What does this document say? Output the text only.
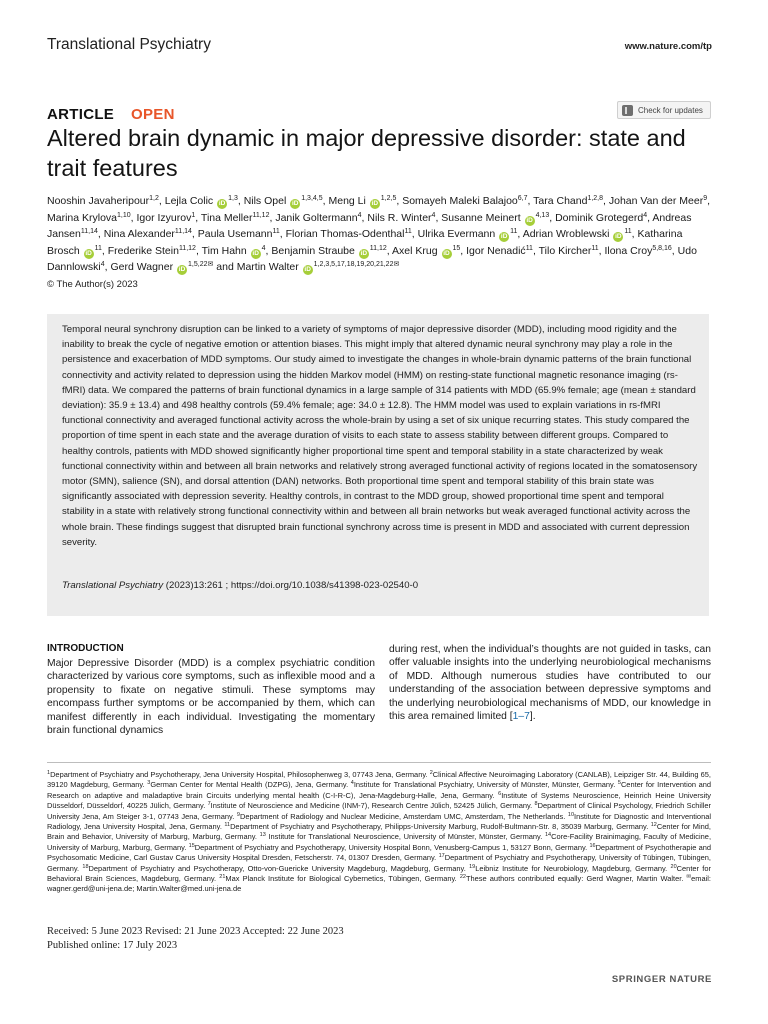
Translational Psychiatry	www.nature.com/tp
ARTICLE OPEN	Check for updates
Altered brain dynamic in major depressive disorder: state and trait features
Nooshin Javaheripour$^{1,2}$, Lejla Colic iD$^{1,3}$, Nils Opel iD$^{1,3,4,5}$, Meng Li iD$^{1,2,5}$, Somayeh Maleki Balajoo$^{6,7}$, Tara Chand$^{1,2,8}$, Johan Van der Meer$^9$, Marina Krylova$^{1,10}$, Igor Izyurov$^1$, Tina Meller$^{11,12}$, Janik Goltermann$^4$, Nils R. Winter$^4$, Susanne Meinert iD$^{4,13}$, Dominik Grotegerd$^4$, Andreas Jansen$^{11,14}$, Nina Alexander$^{11,14}$, Paula Usemann$^{11}$, Florian Thomas-Odenthal$^{11}$, Ulrika Evermann $iD^{11}$, Adrian Wroblewski $iD^{11}$, Katharina Brosch $iD^{11}$, Frederike Stein$^{11,12}$, Tim Hahn $iD^4$, Benjamin Straube iD$^{11,12}$, Axel Krug $iD^{15}$, Igor Nenadić$^{11}$, Tilo Kircher$^{11}$, Ilona Croy$^{5,8,16}$, Udo Dannlowski$^4$, Gerd Wagner $iD^{1,5,22✉}$ and Martin Walter $iD^{1,2,3,5,17,18,19,20,21,22✉}$
© The Author(s) 2023
Temporal neural synchrony disruption can be linked to a variety of symptoms of major depressive disorder (MDD), including mood rigidity and the inability to break the cycle of negative emotion or attention biases. This might imply that altered dynamic neural synchrony may play a role in the persistence and exacerbation of MDD symptoms. Our study aimed to investigate the changes in whole-brain dynamic patterns of the brain functional connectivity and activity related to depression using the hidden Markov model (HMM) on resting-state functional magnetic resonance imaging (rs-fMRI) data. We compared the patterns of brain functional dynamics in a large sample of 314 patients with MDD (65.9% female; age (mean ± standard deviation): 35.9 ± 13.4) and 498 healthy controls (59.4% female; age: 34.0 ± 12.8). The HMM model was used to explain variations in rs-fMRI functional connectivity and averaged functional activity across the whole-brain by using a set of six unique recurring states. This study compared the proportion of time spent in each state and the average duration of visits to each state to assess stability between different groups. Compared to healthy controls, patients with MDD showed significantly higher proportional time spent and temporal stability in a state characterized by weak functional connectivity within and between all brain networks and relatively strong averaged functional activity of regions located in the somatosensory motor (SMN), salience (SN), and dorsal attention (DAN) networks. Both proportional time spent and temporal stability of this brain state was significantly associated with depression severity. Healthy controls, in contrast to the MDD group, showed proportional time spent and temporal stability in a state with relatively strong functional connectivity within and between all brain networks but weak averaged functional activity across the whole brain. These findings suggest that disrupted brain functional synchrony across time is present in MDD and associated with current depression severity.
Translational Psychiatry (2023)13:261 ; https://doi.org/10.1038/s41398-023-02540-0
INTRODUCTION
Major Depressive Disorder (MDD) is a complex psychiatric condition characterized by various core symptoms, such as inflexible mood and a propensity to fixate on negative stimuli. These symptoms may encompass further symptoms or be accompanied by them, which can manifest differently in each individual. Investigating the momentary brain functional dynamics
during rest, when the individual’s thoughts are not guided in tasks, can offer valuable insights into the underlying neurobiological mechanisms of MDD. Although numerous studies have contributed to our understanding of the association between depressive symptoms and the underlying neurobiological mechanisms of MDD, our knowledge in this area remained limited [1–7].
$^1$Department of Psychiatry and Psychotherapy, Jena University Hospital, Philosophenweg 3, 07743 Jena, Germany. $^2$Clinical Affective Neuroimaging Laboratory (CANLAB), Leipziger Str. 44, Building 65, 39120 Magdeburg, Germany. $^3$German Center for Mental Health (DZPG), Jena, Germany. $^4$Institute for Translational Psychiatry, University of Münster, Münster, Germany. $^5$Center for Intervention and Research on adaptive and maladaptive brain Circuits underlying mental health (C-I-R-C), Jena-Magdeburg-Halle, Jena, Germany. $^6$Institute of Systems Neuroscience, Heinrich Heine University Düsseldorf, Düsseldorf, 40225 Jülich, Germany. $^7$Institute of Neuroscience and Medicine (INM-7), Research Centre Jülich, 52425 Jülich, Germany. $^8$Department of Clinical Psychology, Friedrich Schiller University Jena, Am Steiger 3-1, 07743 Jena, Germany. $^9$Department of Radiology and Nuclear Medicine, Amsterdam UMC, Amsterdam, The Netherlands. $^{10}$Institute for Diagnostic and Interventional Radiology, Jena University Hospital, Jena, Germany. $^{11}$Department of Psychiatry and Psychotherapy, Philipps-University Marburg, Rudolf-Bultmann-Str. 8, 35039 Marburg, Germany. $^{12}$Center for Mind, Brain and Behavior, University of Marburg, Marburg, Germany. $^{13}$ Institute for Translational Neuroscience, University of Münster, Münster, Germany. $^{14}$Core-Facility Brainimaging, Faculty of Medicine, University of Marburg, Marburg, Germany. $^{15}$Department of Psychiatry and Psychotherapy, University Hospital Bonn, Venusberg-Campus 1, 53127 Bonn, Germany. $^{16}$Department of Psychotherapie and Psychosomatic Medicine, Carl Gustav Carus University Hospital Dresden, Fetscherstr. 74, 01307 Dresden, Germany. $^{17}$Department of Psychiatry and Psychotherapy, University of Tübingen, Tübingen, Germany. $^{18}$Department of Psychiatry and Psychotherapy, Otto-von-Guericke University Magdeburg, Magdeburg, Germany. $^{19}$Leibniz Institute for Neurobiology, Magdeburg, Germany. $^{20}$Center for Behavioral Brain Sciences, Magdeburg, Germany. $^{21}$Max Planck Institute for Biological Cybernetics, Tübingen, Germany. $^{22}$These authors contributed equally: Gerd Wagner, Martin Walter. ✉email: wagner.gerd@uni-jena.de; Martin.Walter@med.uni-jena.de
Received: 5 June 2023 Revised: 21 June 2023 Accepted: 22 June 2023
Published online: 17 July 2023
SPRINGER NATURE
